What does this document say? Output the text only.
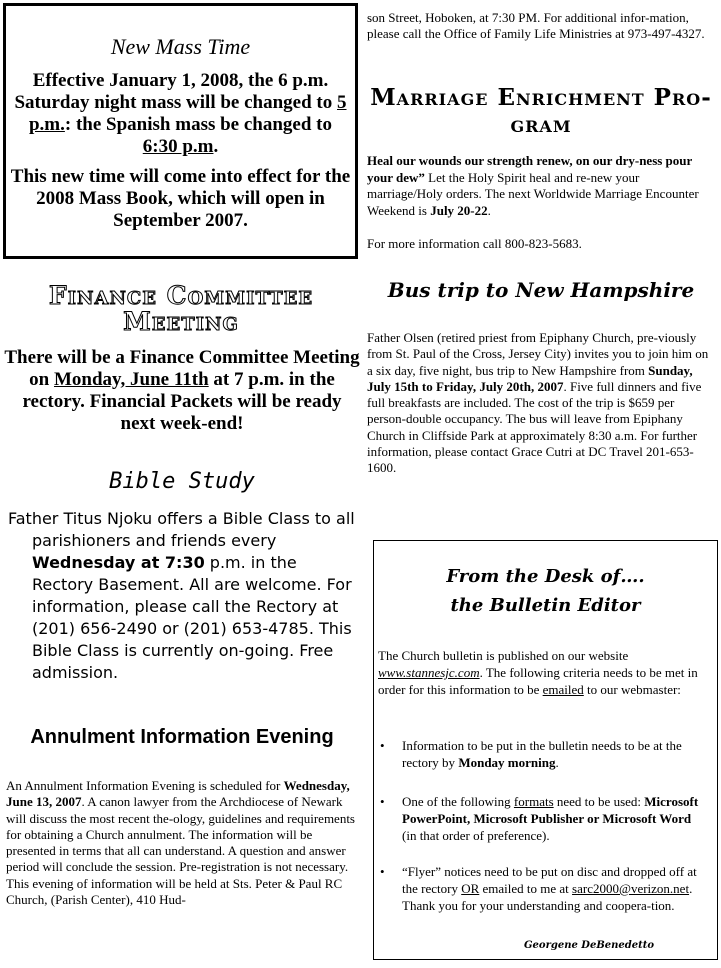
New Mass Time

Effective January 1, 2008, the 6 p.m. Saturday night mass will be changed to 5 p.m.: the Spanish mass be changed to 6:30 p.m.

This new time will come into effect for the 2008 Mass Book, which will open in September 2007.

Finance Committee
Meeting

There will be a Finance Committee Meeting on Monday, June 11th at 7 p.m. in the rectory. Financial Packets will be ready next week-end!

Bible Study

Father Titus Njoku offers a Bible Class to all parishioners and friends every Wednesday at 7:30 p.m. in the Rectory Basement. All are welcome. For information, please call the Rectory at (201) 656-2490 or (201) 653-4785. This Bible Class is currently on-going. Free admission.

Annulment Information Evening

An Annulment Information Evening is scheduled for Wednesday, June 13, 2007. A canon lawyer from the Archdiocese of Newark will discuss the most recent the-ology, guidelines and requirements for obtaining a Church annulment. The information will be presented in terms that all can understand. A question and answer period will conclude the session. Pre-registration is not necessary. This evening of information will be held at Sts. Peter & Paul RC Church, (Parish Center), 410 Hud-

son Street, Hoboken, at 7:30 PM. For additional infor-mation, please call the Office of Family Life Ministries at 973-497-4327.

Marriage Enrichment Pro-
gram

Heal our wounds our strength renew, on our dry-ness pour your dew” Let the Holy Spirit heal and re-new your marriage/Holy orders. The next Worldwide Marriage Encounter Weekend is July 20-22.

For more information call 800-823-5683.

Bus trip to New Hampshire

Father Olsen (retired priest from Epiphany Church, pre-viously from St. Paul of the Cross, Jersey City) invites you to join him on a six day, five night, bus trip to New Hampshire from Sunday, July 15th to Friday, July 20th, 2007. Five full dinners and five full breakfasts are included. The cost of the trip is $659 per person-double occupancy. The bus will leave from Epiphany Church in Cliffside Park at approximately 8:30 a.m. For further information, please contact Grace Cutri at DC Travel 201-653-1600.

From the Desk of….
the Bulletin Editor

The Church bulletin is published on our website www.stannesjc.com. The following criteria needs to be met in order for this information to be emailed to our webmaster:

•	Information to be put in the bulletin needs to be at the rectory by Monday morning.
•	One of the following formats need to be used: Microsoft PowerPoint, Microsoft Publisher or Microsoft Word (in that order of preference).
•	“Flyer” notices need to be put on disc and dropped off at the rectory OR emailed to me at sarc2000@verizon.net.
Thank you for your understanding and coopera-tion.
Georgene DeBenedetto
